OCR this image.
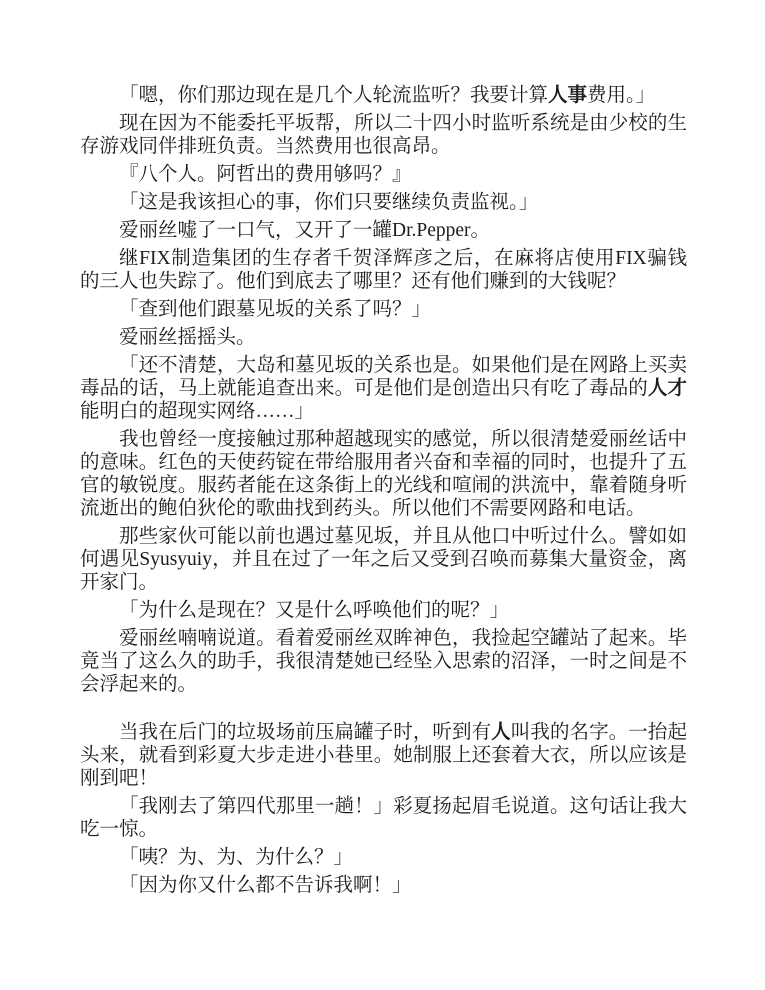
「嗯，你们那边现在是几个人轮流监听？我要计算人事费用。」

现在因为不能委托平坂帮，所以二十四小时监听系统是由少校的生存游戏同伴排班负责。当然费用也很高昂。

『八个人。阿哲出的费用够吗？』

「这是我该担心的事，你们只要继续负责监视。」

爱丽丝嘘了一口气，又开了一罐Dr.Pepper。

继FIX制造集团的生存者千贺泽辉彦之后，在麻将店使用FIX骗钱的三人也失踪了。他们到底去了哪里？还有他们赚到的大钱呢？

「查到他们跟墓见坂的关系了吗？」

爱丽丝摇摇头。

「还不清楚，大岛和墓见坂的关系也是。如果他们是在网路上买卖毒品的话，马上就能追查出来。可是他们是创造出只有吃了毒品的人才能明白的超现实网络……」

我也曾经一度接触过那种超越现实的感觉，所以很清楚爱丽丝话中的意味。红色的天使药锭在带给服用者兴奋和幸福的同时，也提升了五官的敏锐度。服药者能在这条街上的光线和喧闹的洪流中，靠着随身听流逝出的鲍伯狄伦的歌曲找到药头。所以他们不需要网路和电话。

那些家伙可能以前也遇过墓见坂，并且从他口中听过什么。譬如如何遇见Syusyuiy，并且在过了一年之后又受到召唤而募集大量资金，离开家门。

「为什么是现在？又是什么呼唤他们的呢？」

爱丽丝喃喃说道。看着爱丽丝双眸神色，我捡起空罐站了起来。毕竟当了这么久的助手，我很清楚她已经坠入思索的沼泽，一时之间是不会浮起来的。

当我在后门的垃圾场前压扁罐子时，听到有人叫我的名字。一抬起头来，就看到彩夏大步走进小巷里。她制服上还套着大衣，所以应该是刚到吧！

「我刚去了第四代那里一趟！」彩夏扬起眉毛说道。这句话让我大吃一惊。

「咦？为、为、为什么？」

「因为你又什么都不告诉我啊！」
